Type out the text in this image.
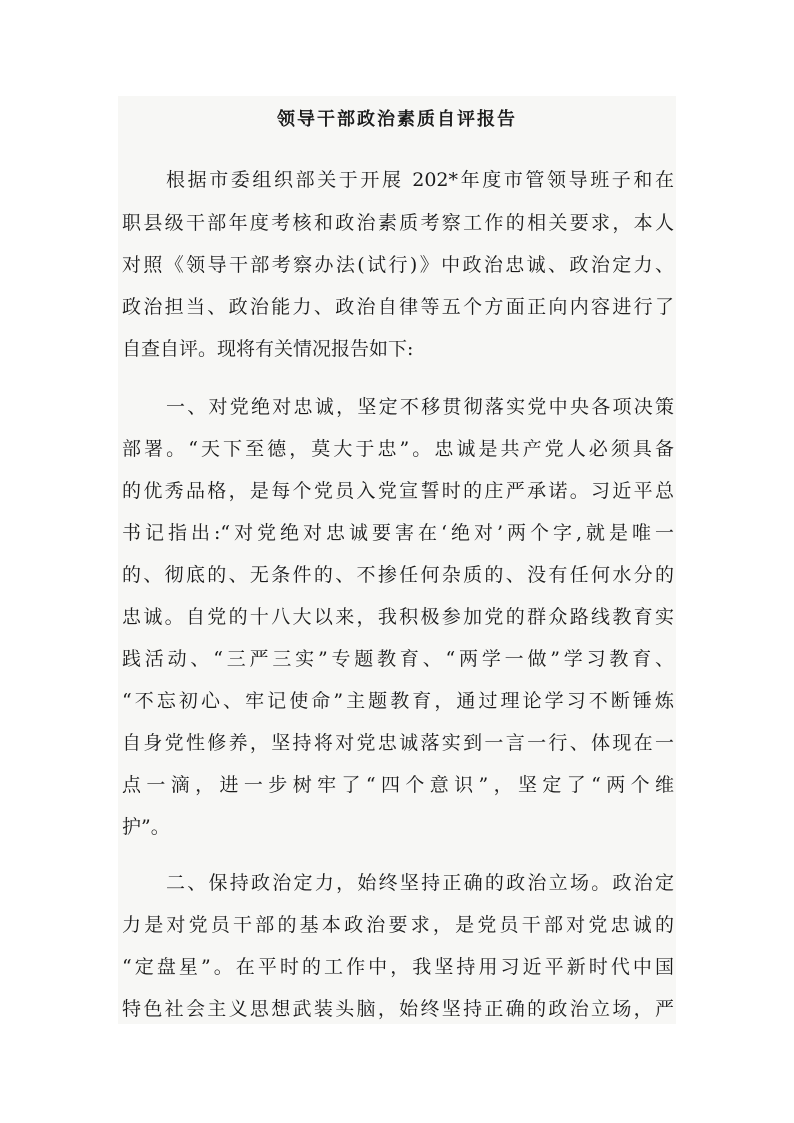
领导干部政治素质自评报告
根据市委组织部关于开展 202*年度市管领导班子和在
职县级干部年度考核和政治素质考察工作的相关要求，本人
对照《领导干部考察办法(试行)》中政治忠诚、政治定力、
政治担当、政治能力、政治自律等五个方面正向内容进行了
自查自评。现将有关情况报告如下:
一、对党绝对忠诚，坚定不移贯彻落实党中央各项决策
部署。“天下至德，莫大于忠”。忠诚是共产党人必须具备
的优秀品格，是每个党员入党宣誓时的庄严承诺。习近平总
书记指出:“对党绝对忠诚要害在‘绝对’两个字,就是唯一
的、彻底的、无条件的、不掺任何杂质的、没有任何水分的
忠诚。自党的十八大以来，我积极参加党的群众路线教育实
践活动、“三严三实”专题教育、“两学一做”学习教育、
“不忘初心、牢记使命”主题教育，通过理论学习不断锤炼
自身党性修养，坚持将对党忠诚落实到一言一行、体现在一
点一滴，进一步树牢了“四个意识”，坚定了“两个维
护”。
二、保持政治定力，始终坚持正确的政治立场。政治定
力是对党员干部的基本政治要求，是党员干部对党忠诚的
“定盘星”。在平时的工作中，我坚持用习近平新时代中国
特色社会主义思想武装头脑，始终坚持正确的政治立场，严
